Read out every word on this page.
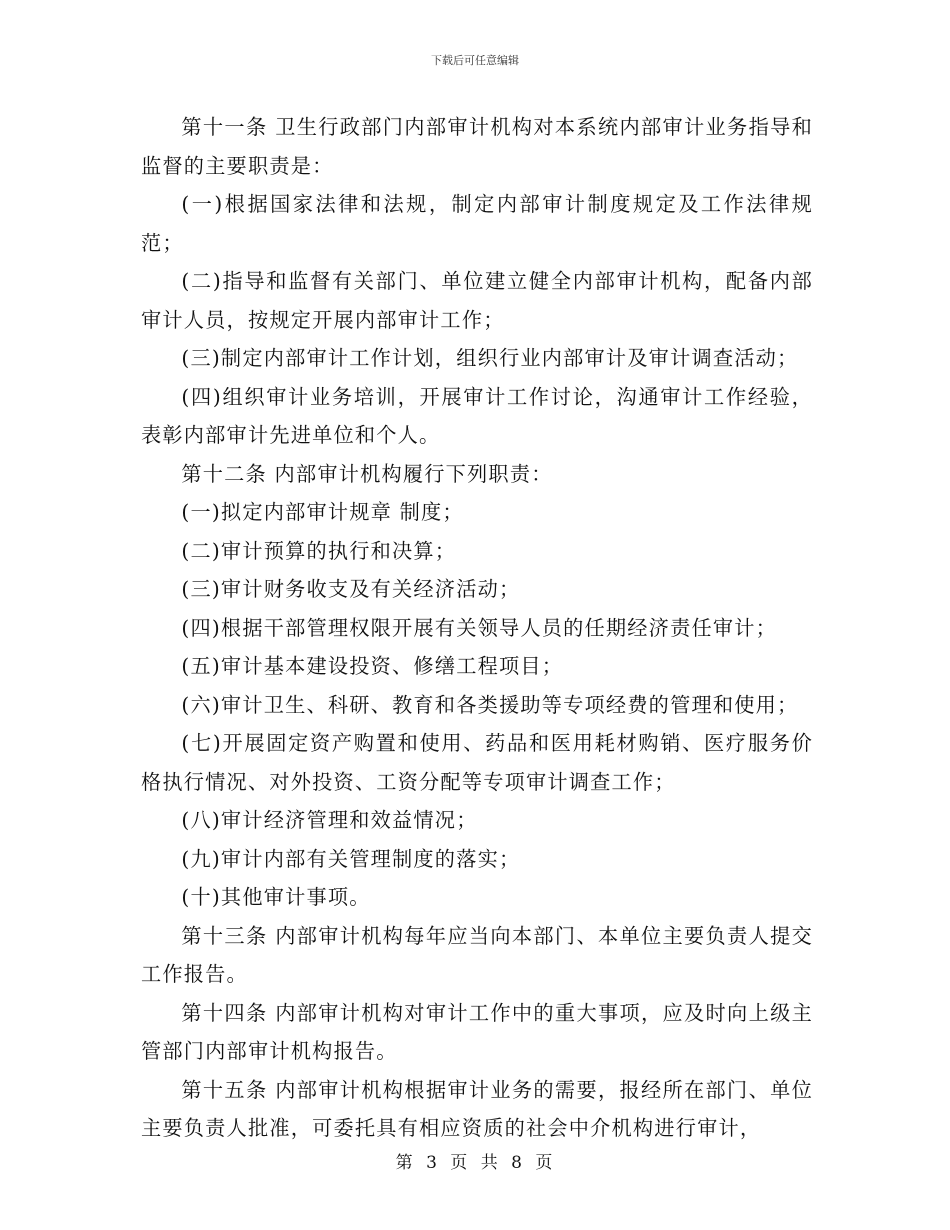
下载后可任意编辑

第十一条 卫生行政部门内部审计机构对本系统内部审计业务指导和监督的主要职责是：

(一)根据国家法律和法规，制定内部审计制度规定及工作法律规范；

(二)指导和监督有关部门、单位建立健全内部审计机构，配备内部审计人员，按规定开展内部审计工作；

(三)制定内部审计工作计划，组织行业内部审计及审计调查活动；

(四)组织审计业务培训，开展审计工作讨论，沟通审计工作经验，表彰内部审计先进单位和个人。

第十二条 内部审计机构履行下列职责：

(一)拟定内部审计规章 制度；

(二)审计预算的执行和决算；

(三)审计财务收支及有关经济活动；

(四)根据干部管理权限开展有关领导人员的任期经济责任审计；

(五)审计基本建设投资、修缮工程项目；

(六)审计卫生、科研、教育和各类援助等专项经费的管理和使用；

(七)开展固定资产购置和使用、药品和医用耗材购销、医疗服务价格执行情况、对外投资、工资分配等专项审计调查工作；

(八)审计经济管理和效益情况；

(九)审计内部有关管理制度的落实；

(十)其他审计事项。

第十三条 内部审计机构每年应当向本部门、本单位主要负责人提交工作报告。

第十四条 内部审计机构对审计工作中的重大事项，应及时向上级主管部门内部审计机构报告。

第十五条 内部审计机构根据审计业务的需要，报经所在部门、单位主要负责人批准，可委托具有相应资质的社会中介机构进行审计，

第 3 页 共 8 页
